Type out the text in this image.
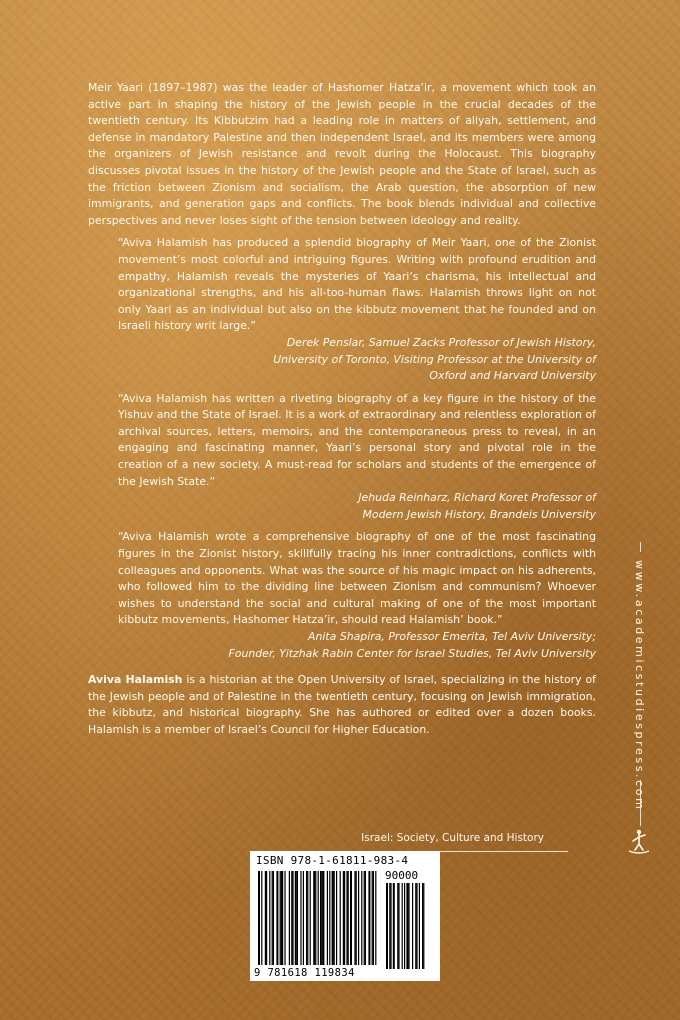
Meir Yaari (1897–1987) was the leader of Hashomer Hatza’ir, a movement which took an active part in shaping the history of the Jewish people in the crucial decades of the twentieth century. Its Kibbutzim had a leading role in matters of aliyah, settlement, and defense in mandatory Palestine and then independent Israel, and its members were among the organizers of Jewish resistance and revolt during the Holocaust. This biography discusses pivotal issues in the history of the Jewish people and the State of Israel, such as the friction between Zionism and socialism, the Arab question, the absorption of new immigrants, and generation gaps and conflicts. The book blends individual and collective perspectives and never loses sight of the tension between ideology and reality.

“Aviva Halamish has produced a splendid biography of Meir Yaari, one of the Zionist movement’s most colorful and intriguing figures. Writing with profound erudition and empathy, Halamish reveals the mysteries of Yaari’s charisma, his intellectual and organizational strengths, and his all-too-human flaws. Halamish throws light on not only Yaari as an individual but also on the kibbutz movement that he founded and on Israeli history writ large.”

Derek Penslar, Samuel Zacks Professor of Jewish History,
University of Toronto, Visiting Professor at the University of
Oxford and Harvard University

“Aviva Halamish has written a riveting biography of a key figure in the history of the Yishuv and the State of Israel. It is a work of extraordinary and relentless exploration of archival sources, letters, memoirs, and the contemporaneous press to reveal, in an engaging and fascinating manner, Yaari’s personal story and pivotal role in the creation of a new society. A must-read for scholars and students of the emergence of the Jewish State.”

Jehuda Reinharz, Richard Koret Professor of
Modern Jewish History, Brandeis University

“Aviva Halamish wrote a comprehensive biography of one of the most fascinating figures in the Zionist history, skillfully tracing his inner contradictions, conflicts with colleagues and opponents. What was the source of his magic impact on his adherents, who followed him to the dividing line between Zionism and communism? Whoever wishes to understand the social and cultural making of one of the most important kibbutz movements, Hashomer Hatza’ir, should read Halamish’ book.”

Anita Shapira, Professor Emerita, Tel Aviv University;
Founder, Yitzhak Rabin Center for Israel Studies, Tel Aviv University

Aviva Halamish is a historian at the Open University of Israel, specializing in the history of the Jewish people and of Palestine in the twentieth century, focusing on Jewish immigration, the kibbutz, and historical biography. She has authored or edited over a dozen books. Halamish is a member of Israel’s Council for Higher Education.	www.academicstudiespress.com
Israel: Society, Culture and History
ISBN 978-1-61811-983-4
90000
9 781618 119834
